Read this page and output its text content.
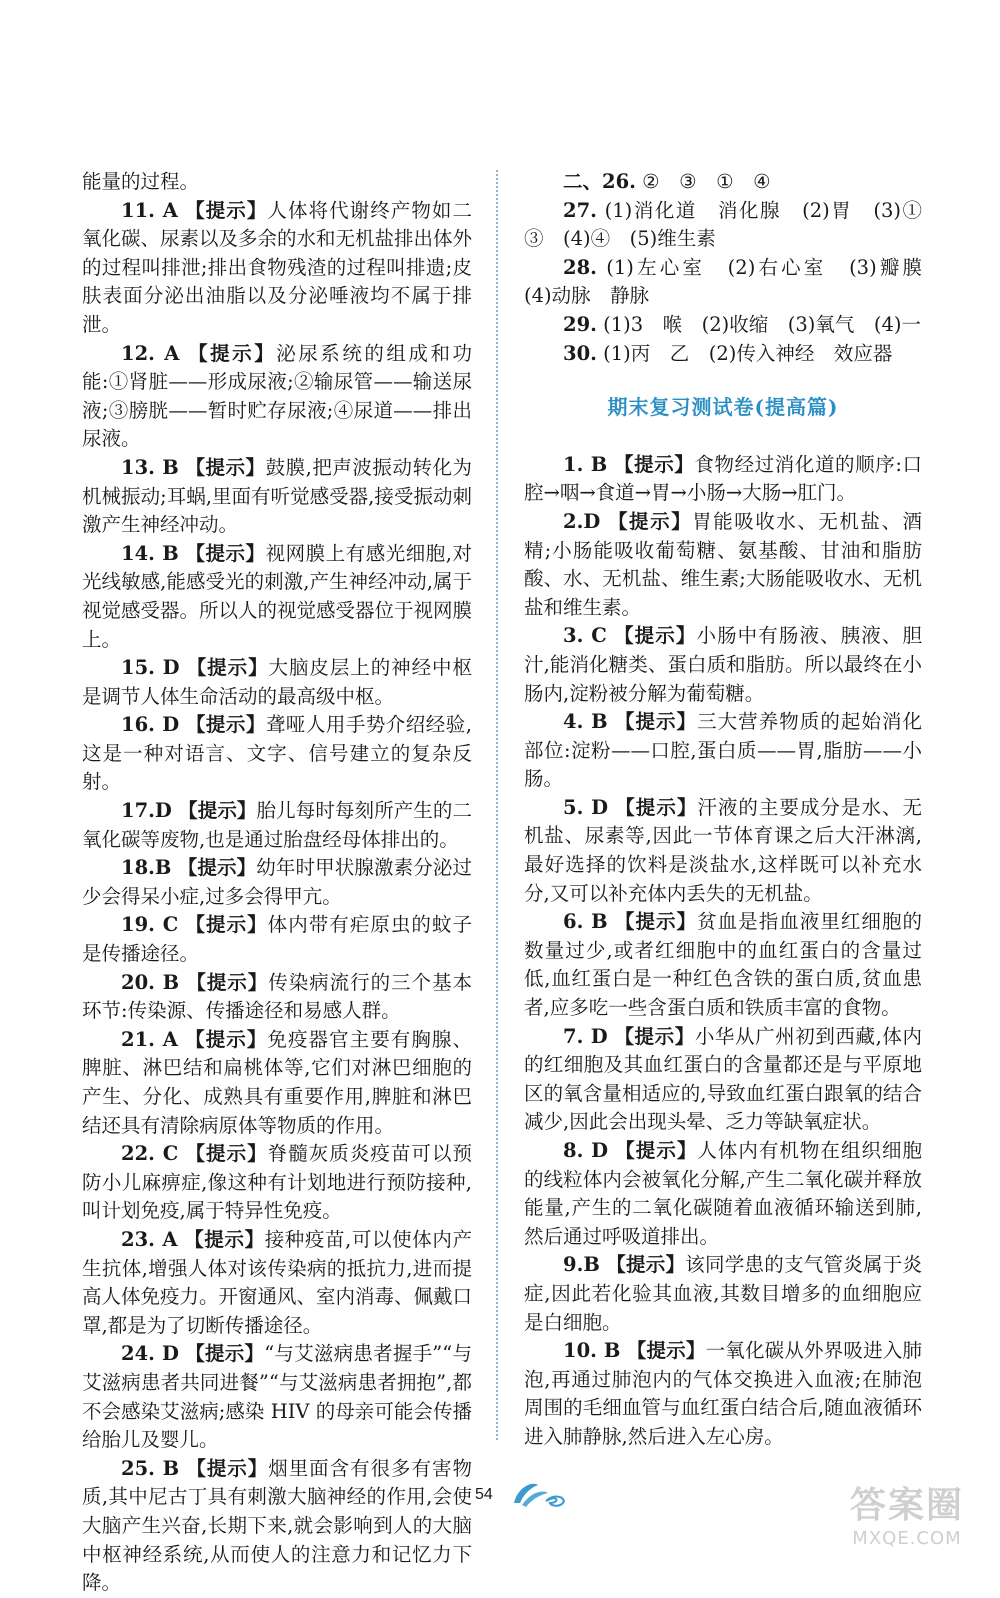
能量的过程。

11. A 【提示】人体将代谢终产物如二氧化碳、尿素以及多余的水和无机盐排出体外的过程叫排泄;排出食物残渣的过程叫排遗;皮肤表面分泌出油脂以及分泌唾液均不属于排泄。

12. A 【提示】泌尿系统的组成和功能:①肾脏——形成尿液;②输尿管——输送尿液;③膀胱——暂时贮存尿液;④尿道——排出尿液。

13. B 【提示】鼓膜,把声波振动转化为机械振动;耳蜗,里面有听觉感受器,接受振动刺激产生神经冲动。

14. B 【提示】视网膜上有感光细胞,对光线敏感,能感受光的刺激,产生神经冲动,属于视觉感受器。所以人的视觉感受器位于视网膜上。

15. D 【提示】大脑皮层上的神经中枢是调节人体生命活动的最高级中枢。

16. D 【提示】聋哑人用手势介绍经验,这是一种对语言、文字、信号建立的复杂反射。

17.D 【提示】胎儿每时每刻所产生的二氧化碳等废物,也是通过胎盘经母体排出的。

18.B 【提示】幼年时甲状腺激素分泌过少会得呆小症,过多会得甲亢。

19. C 【提示】体内带有疟原虫的蚊子是传播途径。

20. B 【提示】传染病流行的三个基本环节:传染源、传播途径和易感人群。

21. A 【提示】免疫器官主要有胸腺、脾脏、淋巴结和扁桃体等,它们对淋巴细胞的产生、分化、成熟具有重要作用,脾脏和淋巴结还具有清除病原体等物质的作用。

22. C 【提示】脊髓灰质炎疫苗可以预防小儿麻痹症,像这种有计划地进行预防接种,叫计划免疫,属于特异性免疫。

23. A 【提示】接种疫苗,可以使体内产生抗体,增强人体对该传染病的抵抗力,进而提高人体免疫力。开窗通风、室内消毒、佩戴口罩,都是为了切断传播途径。

24. D 【提示】“与艾滋病患者握手”“与艾滋病患者共同进餐”“与艾滋病患者拥抱”,都不会感染艾滋病;感染 HIV 的母亲可能会传播给胎儿及婴儿。

25. B 【提示】烟里面含有很多有害物质,其中尼古丁具有刺激大脑神经的作用,会使大脑产生兴奋,长期下来,就会影响到人的大脑中枢神经系统,从而使人的注意力和记忆力下降。

二、26. ②　③　①　④

27. (1)消化道　消化腺　(2)胃　(3)①　③　(4)④　(5)维生素

28. (1)左心室　(2)右心室　(3)瓣膜　(4)动脉　静脉

29. (1)3　喉　(2)收缩　(3)氧气　(4)一

30. (1)丙　乙　(2)传入神经　效应器

期末复习测试卷(提高篇)

1. B 【提示】食物经过消化道的顺序:口腔→咽→食道→胃→小肠→大肠→肛门。

2.D 【提示】胃能吸收水、无机盐、酒精;小肠能吸收葡萄糖、氨基酸、甘油和脂肪酸、水、无机盐、维生素;大肠能吸收水、无机盐和维生素。

3. C 【提示】小肠中有肠液、胰液、胆汁,能消化糖类、蛋白质和脂肪。所以最终在小肠内,淀粉被分解为葡萄糖。

4. B 【提示】三大营养物质的起始消化部位:淀粉——口腔,蛋白质——胃,脂肪——小肠。

5. D 【提示】汗液的主要成分是水、无机盐、尿素等,因此一节体育课之后大汗淋漓,最好选择的饮料是淡盐水,这样既可以补充水分,又可以补充体内丢失的无机盐。

6. B 【提示】贫血是指血液里红细胞的数量过少,或者红细胞中的血红蛋白的含量过低,血红蛋白是一种红色含铁的蛋白质,贫血患者,应多吃一些含蛋白质和铁质丰富的食物。

7. D 【提示】小华从广州初到西藏,体内的红细胞及其血红蛋白的含量都还是与平原地区的氧含量相适应的,导致血红蛋白跟氧的结合减少,因此会出现头晕、乏力等缺氧症状。

8. D 【提示】人体内有机物在组织细胞的线粒体内会被氧化分解,产生二氧化碳并释放能量,产生的二氧化碳随着血液循环输送到肺,然后通过呼吸道排出。

9.B 【提示】该同学患的支气管炎属于炎症,因此若化验其血液,其数目增多的血细胞应是白细胞。

10. B 【提示】一氧化碳从外界吸进入肺泡,再通过肺泡内的气体交换进入血液;在肺泡周围的毛细血管与血红蛋白结合后,随血液循环进入肺静脉,然后进入左心房。

54	答案圈
MXQE.COM
